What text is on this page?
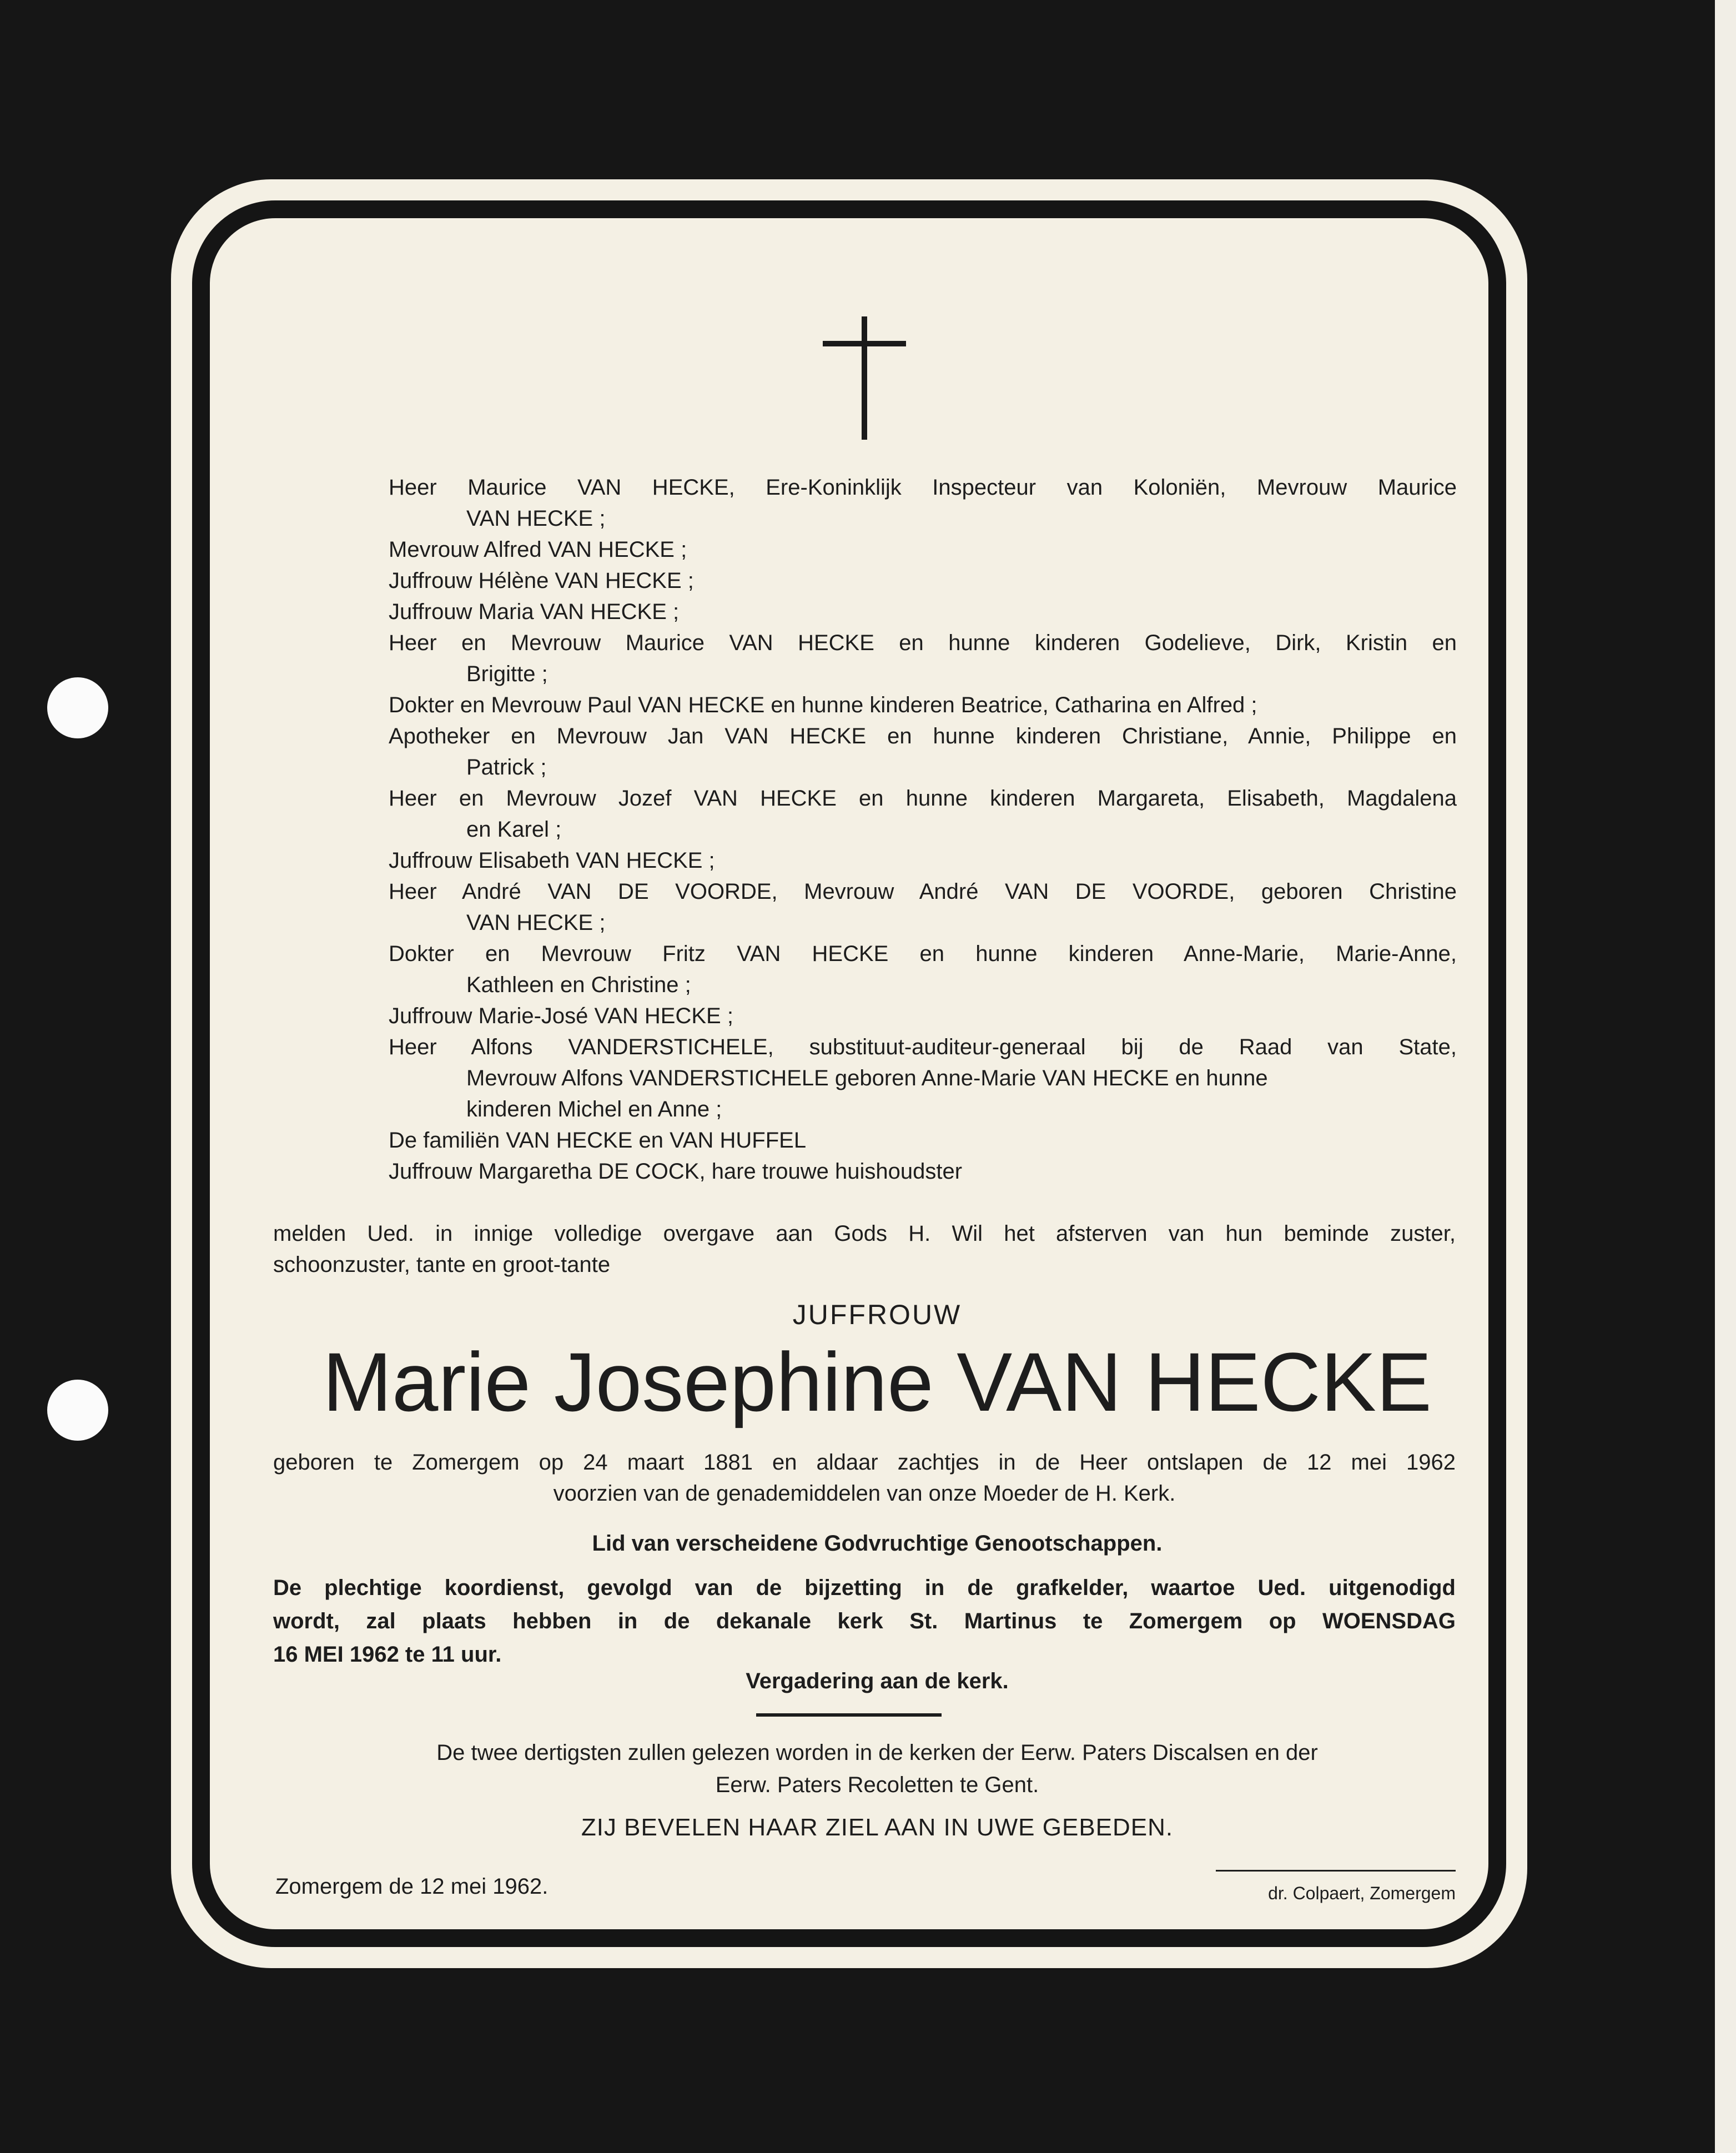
Heer Maurice VAN HECKE, Ere-Koninklijk Inspecteur van Koloniën, Mevrouw Maurice
VAN HECKE ;
Mevrouw Alfred VAN HECKE ;
Juffrouw Hélène VAN HECKE ;
Juffrouw Maria VAN HECKE ;
Heer en Mevrouw Maurice VAN HECKE en hunne kinderen Godelieve, Dirk, Kristin en
Brigitte ;
Dokter en Mevrouw Paul VAN HECKE en hunne kinderen Beatrice, Catharina en Alfred ;
Apotheker en Mevrouw Jan VAN HECKE en hunne kinderen Christiane, Annie, Philippe en
Patrick ;
Heer en Mevrouw Jozef VAN HECKE en hunne kinderen Margareta, Elisabeth, Magdalena
en Karel ;
Juffrouw Elisabeth VAN HECKE ;
Heer André VAN DE VOORDE, Mevrouw André VAN DE VOORDE, geboren Christine
VAN HECKE ;
Dokter en Mevrouw Fritz VAN HECKE en hunne kinderen Anne-Marie, Marie-Anne,
Kathleen en Christine ;
Juffrouw Marie-José VAN HECKE ;
Heer Alfons VANDERSTICHELE, substituut-auditeur-generaal bij de Raad van State,
Mevrouw Alfons VANDERSTICHELE geboren Anne-Marie VAN HECKE en hunne
kinderen Michel en Anne ;
De familiën VAN HECKE en VAN HUFFEL
Juffrouw Margaretha DE COCK, hare trouwe huishoudster
melden Ued. in innige volledige overgave aan Gods H. Wil het afsterven van hun beminde zuster,
schoonzuster, tante en groot-tante
JUFFROUW
Marie Josephine VAN HECKE
geboren te Zomergem op 24 maart 1881 en aldaar zachtjes in de Heer ontslapen de 12 mei 1962
voorzien van de genademiddelen van onze Moeder de H. Kerk.
Lid van verscheidene Godvruchtige Genootschappen.
De plechtige koordienst, gevolgd van de bijzetting in de grafkelder, waartoe Ued. uitgenodigd
wordt, zal plaats hebben in de dekanale kerk St. Martinus te Zomergem op WOENSDAG
16 MEI 1962 te 11 uur.
Vergadering aan de kerk.
De twee dertigsten zullen gelezen worden in de kerken der Eerw. Paters Discalsen en der
Eerw. Paters Recoletten te Gent.
ZIJ BEVELEN HAAR ZIEL AAN IN UWE GEBEDEN.
Zomergem de 12 mei 1962.	dr. Colpaert, Zomergem
